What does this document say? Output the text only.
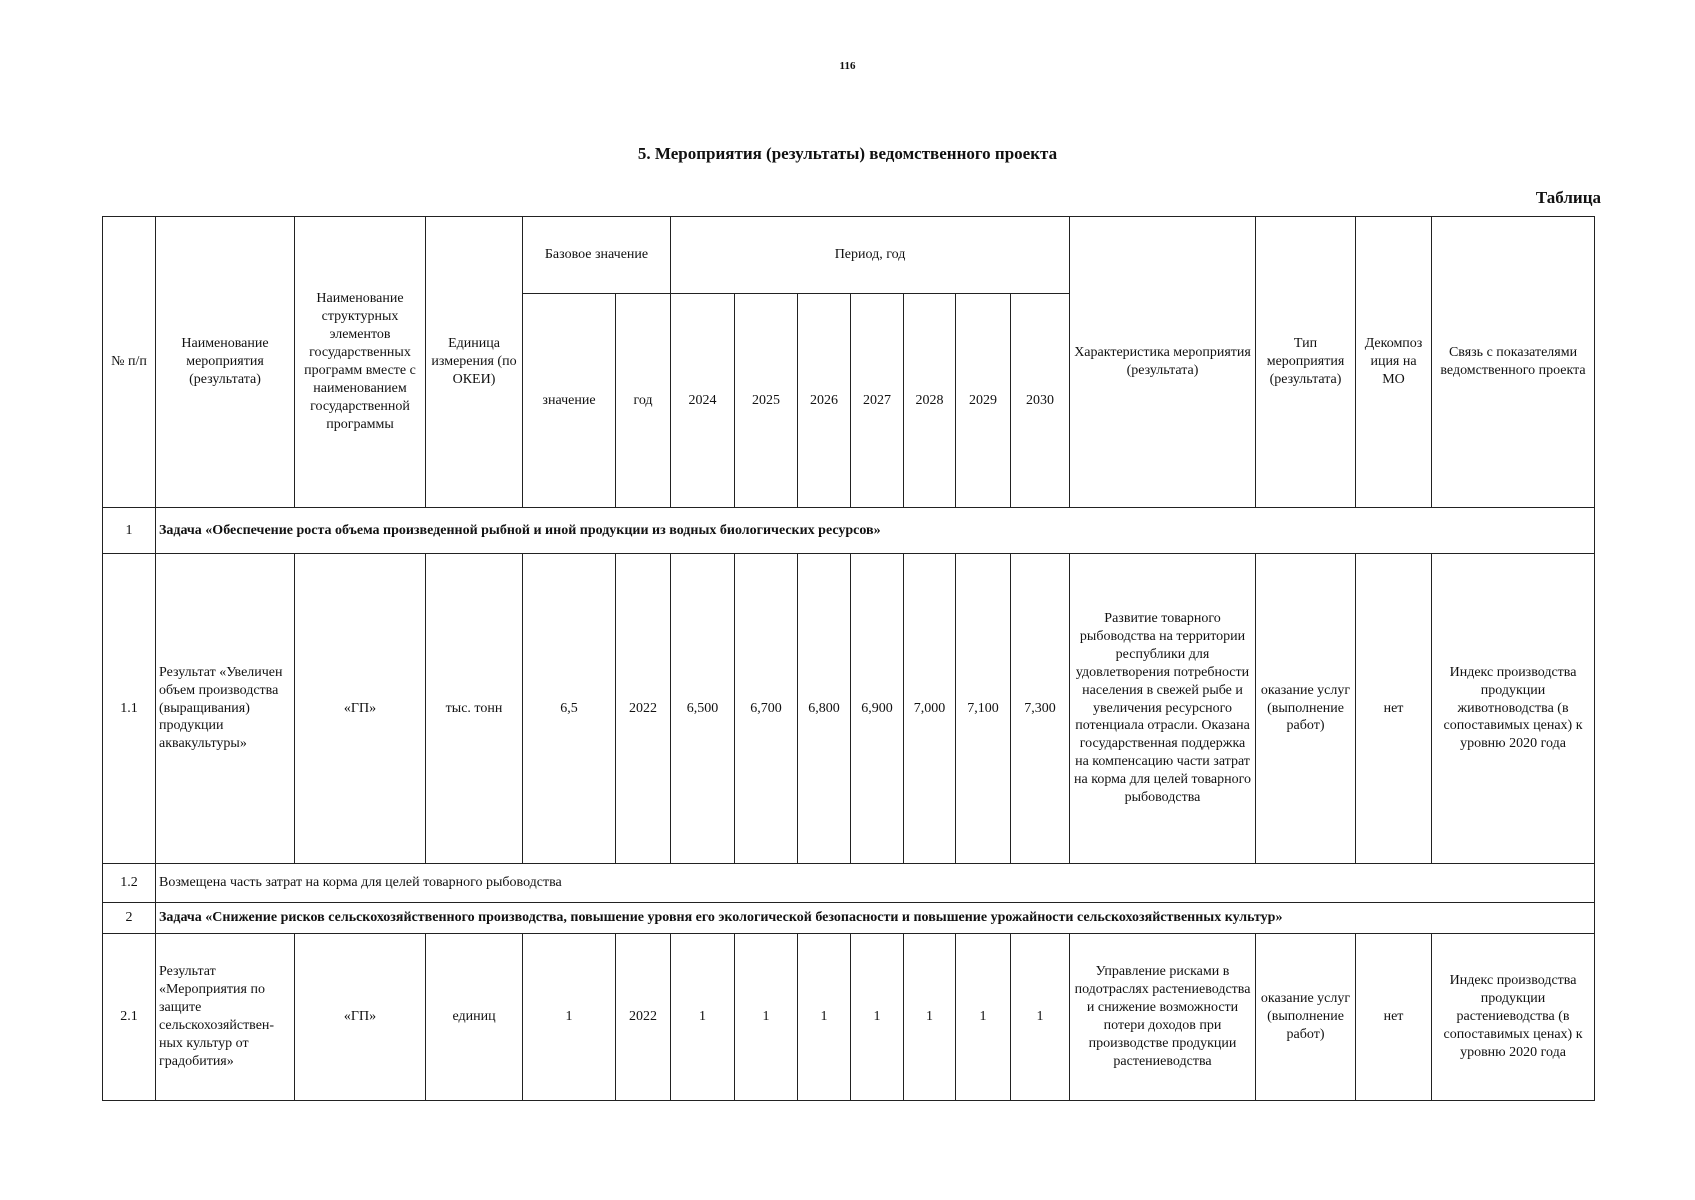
116
5. Мероприятия (результаты) ведомственного проекта
Таблица
№ п/п	Наименование мероприятия (результата)	Наименование структурных элементов государственных программ вместе с наименованием государственной программы	Единица измерения (по ОКЕИ)	Базовое значение		Период, год							Характеристика мероприятия (результата)	Тип мероприятия (результата)	Декомпоз иция на МО	Связь с показателями ведомственного проекта
				значение	год	2024	2025	2026	2027	2028	2029	2030				
1	Задача «Обеспечение роста объема произведенной рыбной и иной продукции из водных биологических ресурсов»															
1.1	Результат «Увеличен объем производства (выращивания) продукции аквакультуры»	«ГП»	тыс. тонн	6,5	2022	6,500	6,700	6,800	6,900	7,000	7,100	7,300	Развитие товарного рыбоводства на территории республики для удовлетворения потребности населения в свежей рыбе и увеличения ресурсного потенциала отрасли. Оказана государственная поддержка на компенсацию части затрат на корма для целей товарного рыбоводства	оказание услуг (выполнение работ)	нет	Индекс производства продукции животноводства (в сопоставимых ценах) к уровню 2020 года
1.2	Возмещена часть затрат на корма для целей товарного рыбоводства															
2	Задача «Снижение рисков сельскохозяйственного производства, повышение уровня его экологической безопасности и повышение урожайности сельскохозяйственных культур»															
2.1	Результат «Мероприятия по защите сельскохозяйствен-ных культур от градобития»	«ГП»	единиц	1	2022	1	1	1	1	1	1	1	Управление рисками в подотраслях растениеводства и снижение возможности потери доходов при производстве продукции растениеводства	оказание услуг (выполнение работ)	нет	Индекс производства продукции растениеводства (в сопоставимых ценах) к уровню 2020 года
